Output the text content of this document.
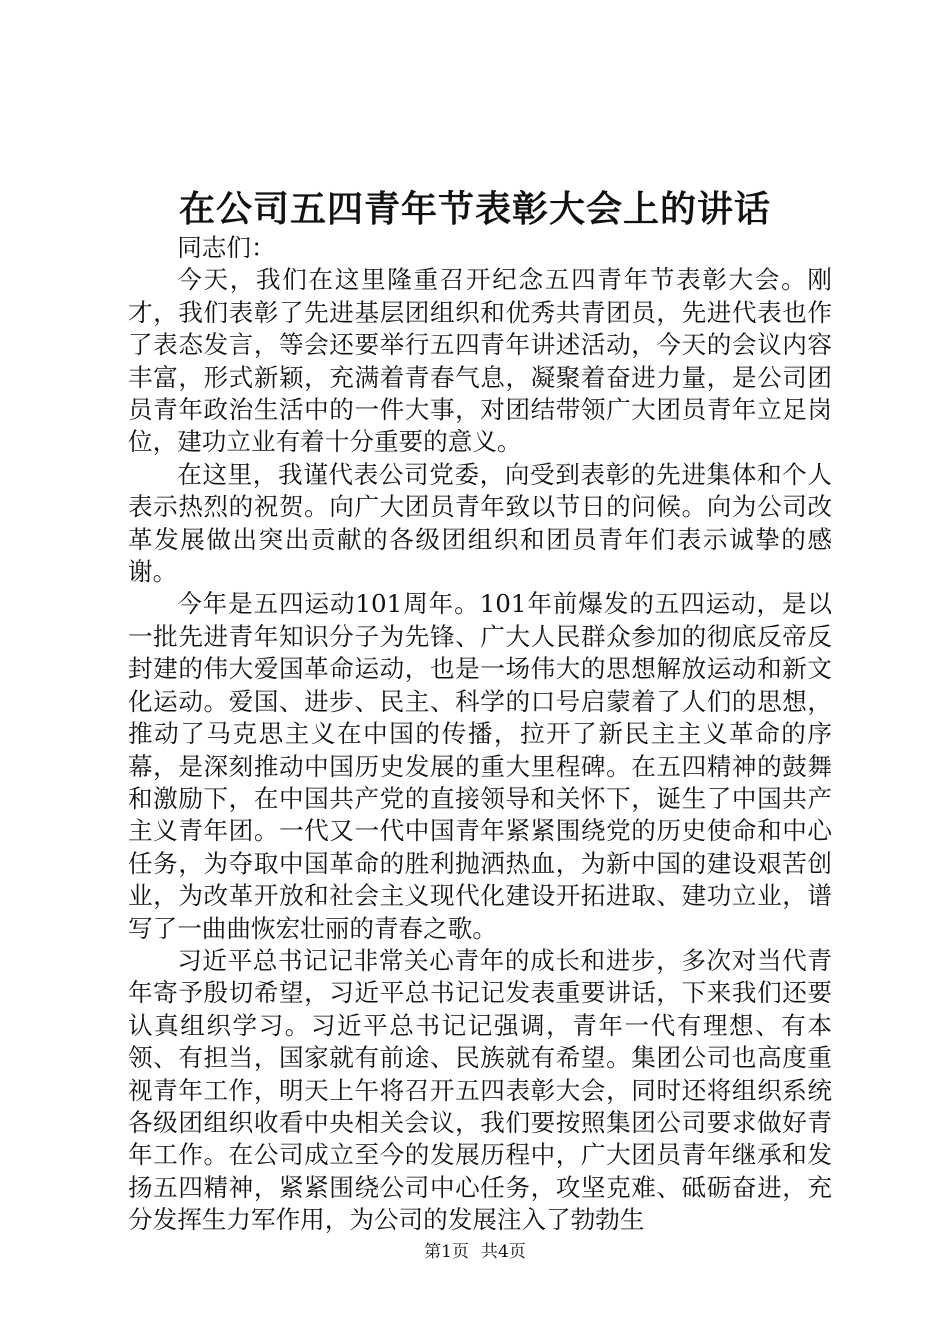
在公司五四青年节表彰大会上的讲话

同志们：

今天，我们在这里隆重召开纪念五四青年节表彰大会。刚才，我们表彰了先进基层团组织和优秀共青团员，先进代表也作了表态发言，等会还要举行五四青年讲述活动，今天的会议内容丰富，形式新颖，充满着青春气息，凝聚着奋进力量，是公司团员青年政治生活中的一件大事，对团结带领广大团员青年立足岗位，建功立业有着十分重要的意义。

在这里，我谨代表公司党委，向受到表彰的先进集体和个人表示热烈的祝贺。向广大团员青年致以节日的问候。向为公司改革发展做出突出贡献的各级团组织和团员青年们表示诚挚的感谢。

今年是五四运动101周年。101年前爆发的五四运动，是以一批先进青年知识分子为先锋、广大人民群众参加的彻底反帝反封建的伟大爱国革命运动，也是一场伟大的思想解放运动和新文化运动。爱国、进步、民主、科学的口号启蒙着了人们的思想，推动了马克思主义在中国的传播，拉开了新民主主义革命的序幕，是深刻推动中国历史发展的重大里程碑。在五四精神的鼓舞和激励下，在中国共产党的直接领导和关怀下，诞生了中国共产主义青年团。一代又一代中国青年紧紧围绕党的历史使命和中心任务，为夺取中国革命的胜利抛洒热血，为新中国的建设艰苦创业，为改革开放和社会主义现代化建设开拓进取、建功立业，谱写了一曲曲恢宏壮丽的青春之歌。

习近平总书记记非常关心青年的成长和进步，多次对当代青年寄予殷切希望，习近平总书记记发表重要讲话，下来我们还要认真组织学习。习近平总书记记强调，青年一代有理想、有本领、有担当，国家就有前途、民族就有希望。集团公司也高度重视青年工作，明天上午将召开五四表彰大会，同时还将组织系统各级团组织收看中央相关会议，我们要按照集团公司要求做好青年工作。在公司成立至今的发展历程中，广大团员青年继承和发扬五四精神，紧紧围绕公司中心任务，攻坚克难、砥砺奋进，充分发挥生力军作用，为公司的发展注入了勃勃生

第1页 共4页
